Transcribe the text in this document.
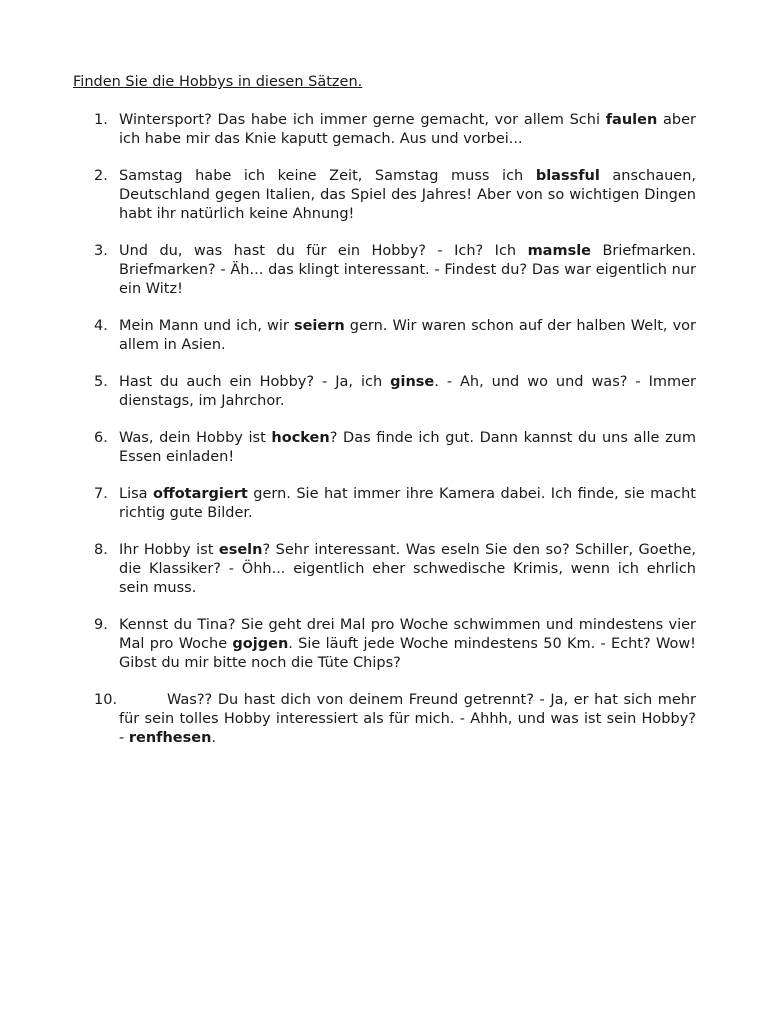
Finden Sie die Hobbys in diesen Sätzen.
1. Wintersport? Das habe ich immer gerne gemacht, vor allem Schi faulen aber ich habe mir das Knie kaputt gemach. Aus und vorbei...
2. Samstag habe ich keine Zeit, Samstag muss ich blassful anschauen, Deutschland gegen Italien, das Spiel des Jahres! Aber von so wichtigen Dingen habt ihr natürlich keine Ahnung!
3. Und du, was hast du für ein Hobby? - Ich? Ich mamsle Briefmarken. Briefmarken? - Äh... das klingt interessant. - Findest du? Das war eigentlich nur ein Witz!
4. Mein Mann und ich, wir seiern gern. Wir waren schon auf der halben Welt, vor allem in Asien.
5. Hast du auch ein Hobby? - Ja, ich ginse. - Ah, und wo und was? - Immer dienstags, im Jahrchor.
6. Was, dein Hobby ist hocken? Das finde ich gut. Dann kannst du uns alle zum Essen einladen!
7. Lisa offotargiert gern. Sie hat immer ihre Kamera dabei. Ich finde, sie macht richtig gute Bilder.
8. Ihr Hobby ist eseln? Sehr interessant. Was eseln Sie den so? Schiller, Goethe, die Klassiker? - Öhh... eigentlich eher schwedische Krimis, wenn ich ehrlich sein muss.
9. Kennst du Tina? Sie geht drei Mal pro Woche schwimmen und mindestens vier Mal pro Woche gojgen. Sie läuft jede Woche mindestens 50 Km. - Echt? Wow! Gibst du mir bitte noch die Tüte Chips?
10.	Was?? Du hast dich von deinem Freund getrennt? - Ja, er hat sich mehr für sein tolles Hobby interessiert als für mich. - Ahhh, und was ist sein Hobby? - renfhesen.
